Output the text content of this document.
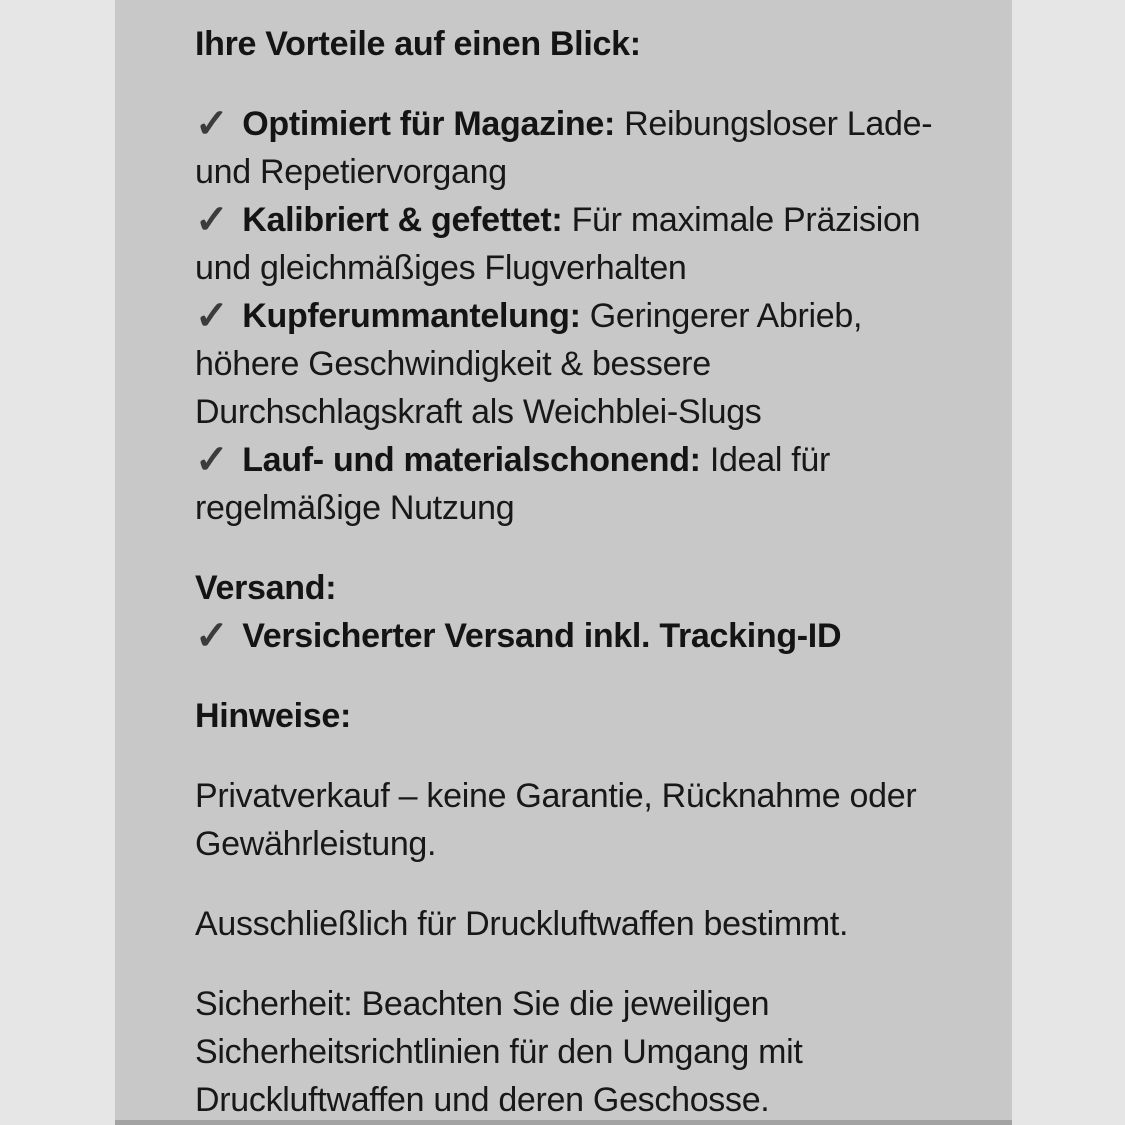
Ihre Vorteile auf einen Blick:
✓ Optimiert für Magazine: Reibungsloser Lade- und Repetiervorgang
✓ Kalibriert & gefettet: Für maximale Präzision und gleichmäßiges Flugverhalten
✓ Kupferummantelung: Geringerer Abrieb, höhere Geschwindigkeit & bessere Durchschlagskraft als Weichblei-Slugs
✓ Lauf- und materialschonend: Ideal für regelmäßige Nutzung
Versand:
✓ Versicherter Versand inkl. Tracking-ID
Hinweise:

Privatverkauf – keine Garantie, Rücknahme oder Gewährleistung.

Ausschließlich für Druckluftwaffen bestimmt.

Sicherheit: Beachten Sie die jeweiligen Sicherheitsrichtlinien für den Umgang mit Druckluftwaffen und deren Geschosse.
